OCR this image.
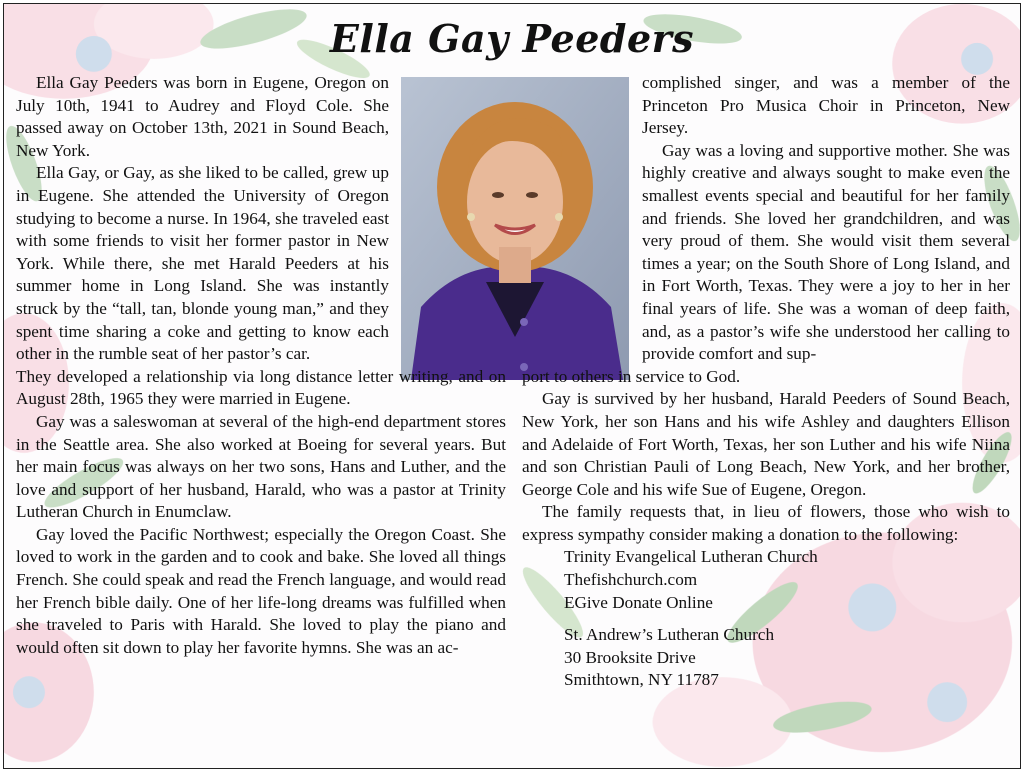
Ella Gay Peeders

Ella Gay Peeders was born in Eugene, Oregon on July 10th, 1941 to Audrey and Floyd Cole. She passed away on October 13th, 2021 in Sound Beach, New York.

Ella Gay, or Gay, as she liked to be called, grew up in Eugene. She attended the University of Oregon studying to become a nurse. In 1964, she traveled east with some friends to visit her former pastor in New York. While there, she met Harald Peeders at his summer home in Long Island. She was instantly struck by the “tall, tan, blonde young man,” and they spent time sharing a coke and getting to know each other in the rumble seat of her pastor’s car.

They developed a relationship via long distance letter writing, and on August 28th, 1965 they were married in Eugene.

Gay was a saleswoman at several of the high-end department stores in the Seattle area. She also worked at Boeing for several years. But her main focus was always on her two sons, Hans and Luther, and the love and support of her husband, Harald, who was a pastor at Trinity Lutheran Church in Enumclaw.

Gay loved the Pacific Northwest; especially the Oregon Coast. She loved to work in the garden and to cook and bake. She loved all things French. She could speak and read the French language, and would read her French bible daily. One of her life-long dreams was fulfilled when she traveled to Paris with Harald. She loved to play the piano and would often sit down to play her favorite hymns. She was an ac-

complished singer, and was a member of the Princeton Pro Musica Choir in Princeton, New Jersey.

Gay was a loving and supportive mother. She was highly creative and always sought to make even the smallest events special and beautiful for her family and friends. She loved her grandchildren, and was very proud of them. She would visit them several times a year; on the South Shore of Long Island, and in Fort Worth, Texas. They were a joy to her in her final years of life. She was a woman of deep faith, and, as a pastor’s wife she understood her calling to provide comfort and sup-

port to others in service to God.

Gay is survived by her husband, Harald Peeders of Sound Beach, New York, her son Hans and his wife Ashley and daughters Ellison and Adelaide of Fort Worth, Texas, her son Luther and his wife Niina and son Christian Pauli of Long Beach, New York, and her brother, George Cole and his wife Sue of Eugene, Oregon.

The family requests that, in lieu of flowers, those who wish to express sympathy consider making a donation to the following:

Trinity Evangelical Lutheran Church

Thefishchurch.com

EGive Donate Online

St. Andrew’s Lutheran Church

30 Brooksite Drive

Smithtown, NY 11787
